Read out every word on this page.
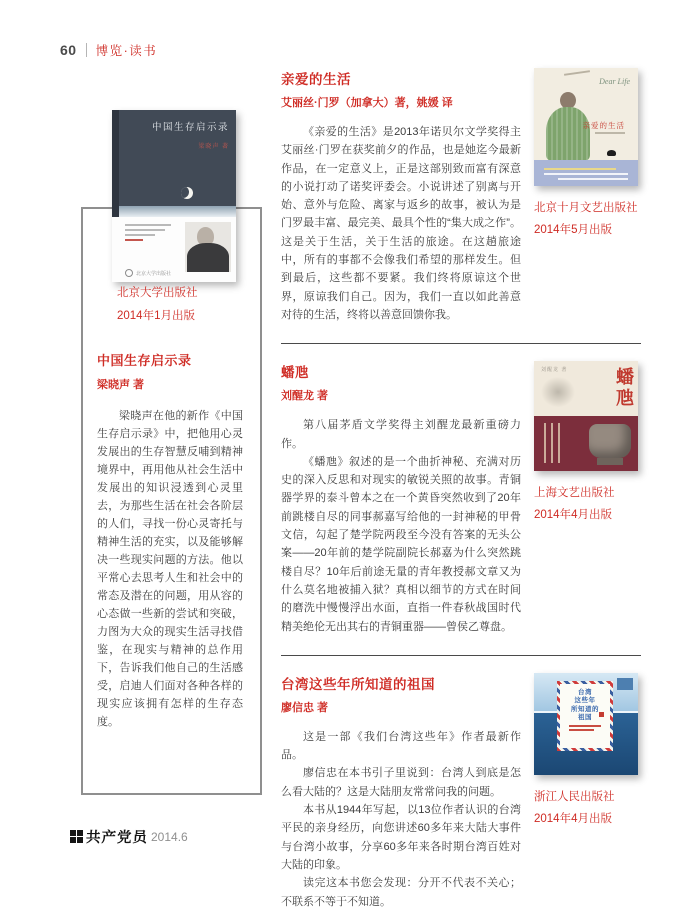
60 博览·读书
中国生存启示录
梁晓声 著
北京大学出版社
北京大学出版社
2014年1月出版
中国生存启示录
梁晓声 著

梁晓声在他的新作《中国生存启示录》中，把他用心灵发展出的生存智慧反哺到精神境界中，再用他从社会生活中发展出的知识浸透到心灵里去，为那些生活在社会各阶层的人们，寻找一份心灵寄托与精神生活的充实，以及能够解决一些现实问题的方法。他以平常心去思考人生和社会中的常态及潜在的问题，用从容的心态做一些新的尝试和突破，力图为大众的现实生活寻找借鉴，在现实与精神的总作用下，告诉我们他自己的生活感受，启迪人们面对各种各样的现实应该拥有怎样的生存态度。

亲爱的生活
艾丽丝·门罗（加拿大）著，姚媛 译

《亲爱的生活》是2013年诺贝尔文学奖得主艾丽丝·门罗在获奖前夕的作品，也是她迄今最新作品，在一定意义上，正是这部别致而富有深意的小说打动了诺奖评委会。小说讲述了别离与开始、意外与危险、离家与返乡的故事，被认为是门罗最丰富、最完美、最具个性的“集大成之作”。 这是关于生活，关于生活的旅途。在这趟旅途中，所有的事都不会像我们希望的那样发生。但到最后，这些都不要紧。我们终将原谅这个世界，原谅我们自己。因为，我们一直以如此善意对待的生活，终将以善意回馈你我。

Dear Life
亲爱的生活
北京十月文艺出版社
2014年5月出版
蟠虺
刘醒龙 著

第八届茅盾文学奖得主刘醒龙最新重磅力作。

《蟠虺》叙述的是一个曲折神秘、充满对历史的深入反思和对现实的敏锐关照的故事。青铜器学界的泰斗曾本之在一个黄昏突然收到了20年前跳楼自尽的同事郝嘉写给他的一封神秘的甲骨文信，勾起了楚学院两段至今没有答案的无头公案——20年前的楚学院副院长郝嘉为什么突然跳楼自尽？10年后前途无量的青年教授郝文章又为什么莫名地被捕入狱？真相以细节的方式在时间的磨洗中慢慢浮出水面，直指一件春秋战国时代精美绝伦无出其右的青铜重器——曾侯乙尊盘。

刘醒龙 著	蟠虺
上海文艺出版社
2014年4月出版
台湾这些年所知道的祖国
廖信忠 著

这是一部《我们台湾这些年》作者最新作品。

廖信忠在本书引子里说到：台湾人到底是怎么看大陆的？这是大陆朋友常常问我的问题。

本书从1944年写起，以13位作者认识的台湾平民的亲身经历，向您讲述60多年来大陆大事件与台湾小故事，分享60多年来各时期台湾百姓对大陆的印象。

读完这本书您会发现：分开不代表不关心；不联系不等于不知道。

台湾
这些年
所知道的
祖国
浙江人民出版社
2014年4月出版
共产党员 2014.6
